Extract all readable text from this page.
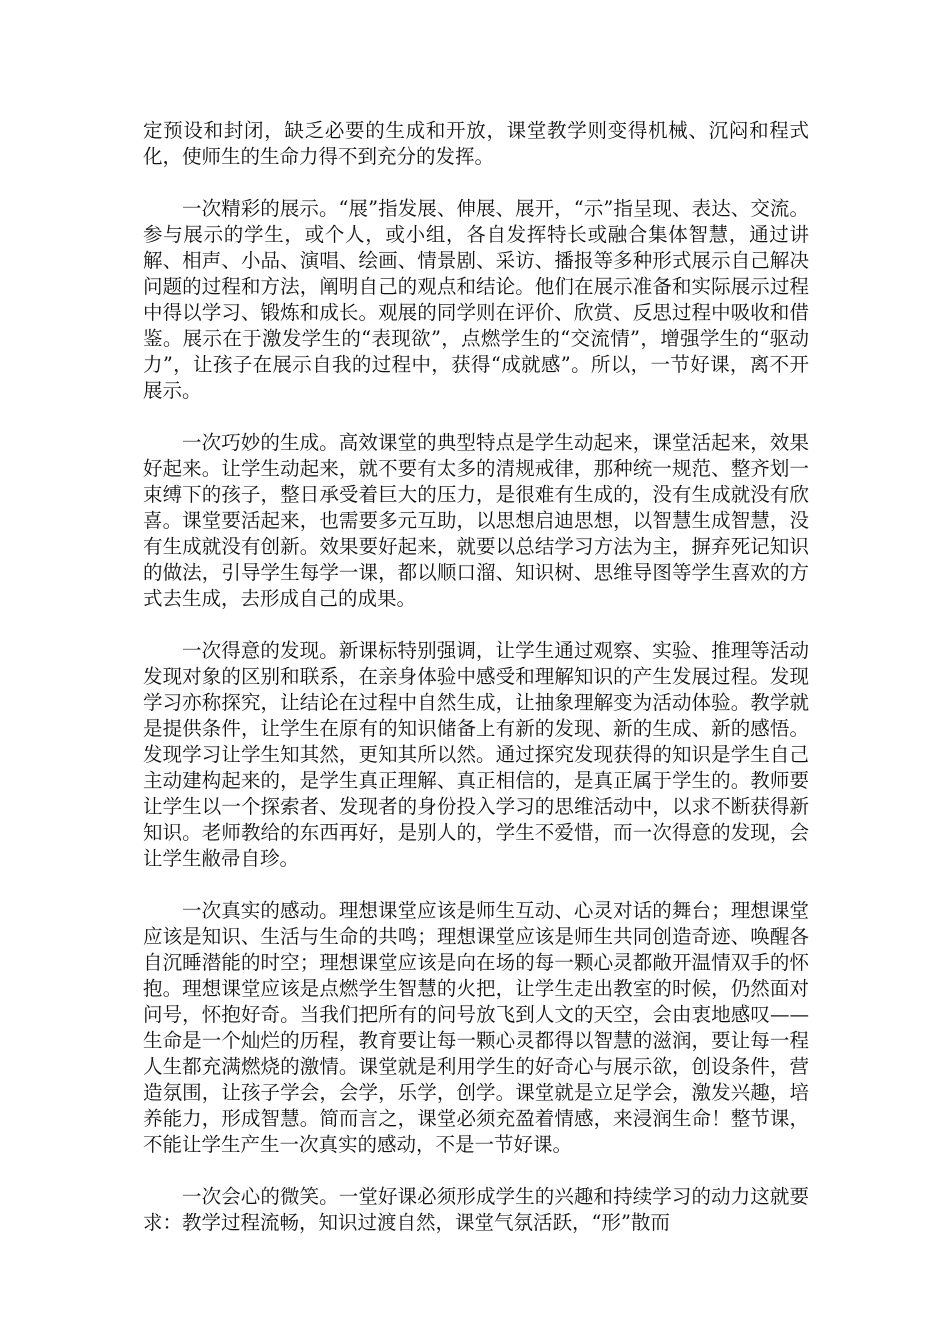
定预设和封闭，缺乏必要的生成和开放，课堂教学则变得机械、沉闷和程式化，使师生的生命力得不到充分的发挥。

一次精彩的展示。“展”指发展、伸展、展开，“示”指呈现、表达、交流。参与展示的学生，或个人，或小组，各自发挥特长或融合集体智慧，通过讲解、相声、小品、演唱、绘画、情景剧、采访、播报等多种形式展示自己解决问题的过程和方法，阐明自己的观点和结论。他们在展示准备和实际展示过程中得以学习、锻炼和成长。观展的同学则在评价、欣赏、反思过程中吸收和借鉴。展示在于激发学生的“表现欲”，点燃学生的“交流情”，增强学生的“驱动力”，让孩子在展示自我的过程中，获得“成就感”。所以，一节好课，离不开展示。

一次巧妙的生成。高效课堂的典型特点是学生动起来，课堂活起来，效果好起来。让学生动起来，就不要有太多的清规戒律，那种统一规范、整齐划一束缚下的孩子，整日承受着巨大的压力，是很难有生成的，没有生成就没有欣喜。课堂要活起来，也需要多元互助，以思想启迪思想，以智慧生成智慧，没有生成就没有创新。效果要好起来，就要以总结学习方法为主，摒弃死记知识的做法，引导学生每学一课，都以顺口溜、知识树、思维导图等学生喜欢的方式去生成，去形成自己的成果。

一次得意的发现。新课标特别强调，让学生通过观察、实验、推理等活动发现对象的区别和联系，在亲身体验中感受和理解知识的产生发展过程。发现学习亦称探究，让结论在过程中自然生成，让抽象理解变为活动体验。教学就是提供条件，让学生在原有的知识储备上有新的发现、新的生成、新的感悟。发现学习让学生知其然，更知其所以然。通过探究发现获得的知识是学生自己主动建构起来的，是学生真正理解、真正相信的，是真正属于学生的。教师要让学生以一个探索者、发现者的身份投入学习的思维活动中，以求不断获得新知识。老师教给的东西再好，是别人的，学生不爱惜，而一次得意的发现，会让学生敝帚自珍。

一次真实的感动。理想课堂应该是师生互动、心灵对话的舞台；理想课堂应该是知识、生活与生命的共鸣；理想课堂应该是师生共同创造奇迹、唤醒各自沉睡潜能的时空；理想课堂应该是向在场的每一颗心灵都敞开温情双手的怀抱。理想课堂应该是点燃学生智慧的火把，让学生走出教室的时候，仍然面对问号，怀抱好奇。当我们把所有的问号放飞到人文的天空，会由衷地感叹——生命是一个灿烂的历程，教育要让每一颗心灵都得以智慧的滋润，要让每一程人生都充满燃烧的激情。课堂就是利用学生的好奇心与展示欲，创设条件，营造氛围，让孩子学会，会学，乐学，创学。课堂就是立足学会，激发兴趣，培养能力，形成智慧。简而言之，课堂必须充盈着情感，来浸润生命！整节课，不能让学生产生一次真实的感动，不是一节好课。

一次会心的微笑。一堂好课必须形成学生的兴趣和持续学习的动力这就要求：教学过程流畅，知识过渡自然，课堂气氛活跃，“形”散而
